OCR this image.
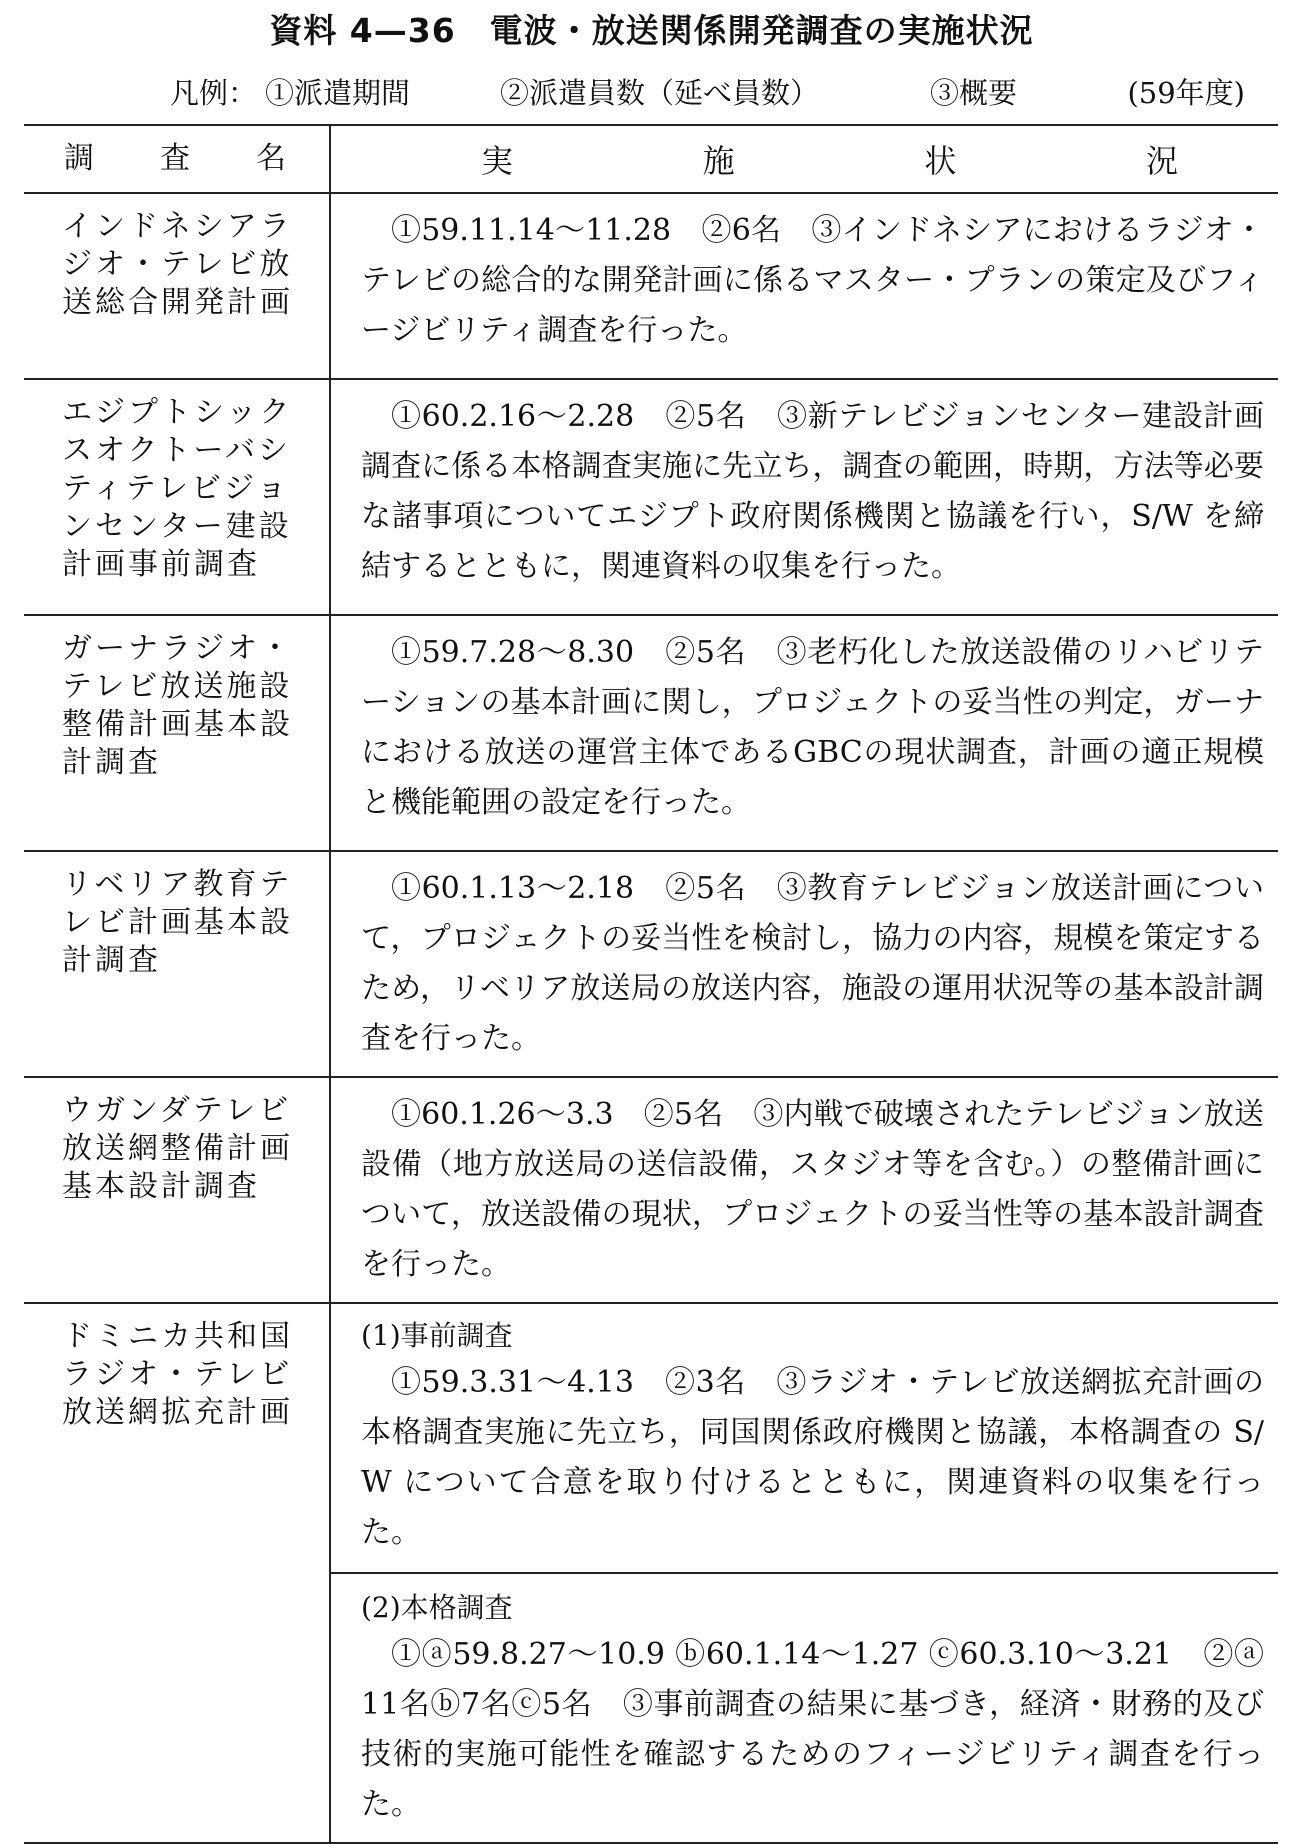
資料 4—36　電波・放送関係開発調査の実施状況
凡例： ①派遣期間	②派遣員数（延べ員数）	③概要	(59年度)
調 査 名	実 施 状 況

インドネシアラジオ・テレビ放送総合開発計画	①59.11.14～11.28　②6名　③インドネシアにおけるラジオ・テレビの総合的な開発計画に係るマスター・プランの策定及びフィージビリティ調査を行った。

エジプトシックスオクトーバシティテレビジョンセンター建設計画事前調査	①60.2.16～2.28　②5名　③新テレビジョンセンター建設計画調査に係る本格調査実施に先立ち，調査の範囲，時期，方法等必要な諸事項についてエジプト政府関係機関と協議を行い，S/W を締結するとともに，関連資料の収集を行った。

ガーナラジオ・テレビ放送施設整備計画基本設計調査	①59.7.28～8.30　②5名　③老朽化した放送設備のリハビリテーションの基本計画に関し，プロジェクトの妥当性の判定，ガーナにおける放送の運営主体であるGBCの現状調査，計画の適正規模と機能範囲の設定を行った。

リベリア教育テレビ計画基本設計調査	①60.1.13～2.18　②5名　③教育テレビジョン放送計画について，プロジェクトの妥当性を検討し，協力の内容，規模を策定するため，リベリア放送局の放送内容，施設の運用状況等の基本設計調査を行った。

ウガンダテレビ放送網整備計画基本設計調査	①60.1.26～3.3　②5名　③内戦で破壊されたテレビジョン放送設備（地方放送局の送信設備，スタジオ等を含む。）の整備計画について，放送設備の現状，プロジェクトの妥当性等の基本設計調査を行った。

ドミニカ共和国ラジオ・テレビ放送網拡充計画	(1)事前調査

①59.3.31～4.13　②3名　③ラジオ・テレビ放送網拡充計画の本格調査実施に先立ち，同国関係政府機関と協議，本格調査の S/W について合意を取り付けるとともに，関連資料の収集を行った。

(2)本格調査

①ⓐ59.8.27～10.9 ⓑ60.1.14～1.27 ⓒ60.3.10～3.21　②ⓐ11名ⓑ7名ⓒ5名　③事前調査の結果に基づき，経済・財務的及び技術的実施可能性を確認するためのフィージビリティ調査を行った。
